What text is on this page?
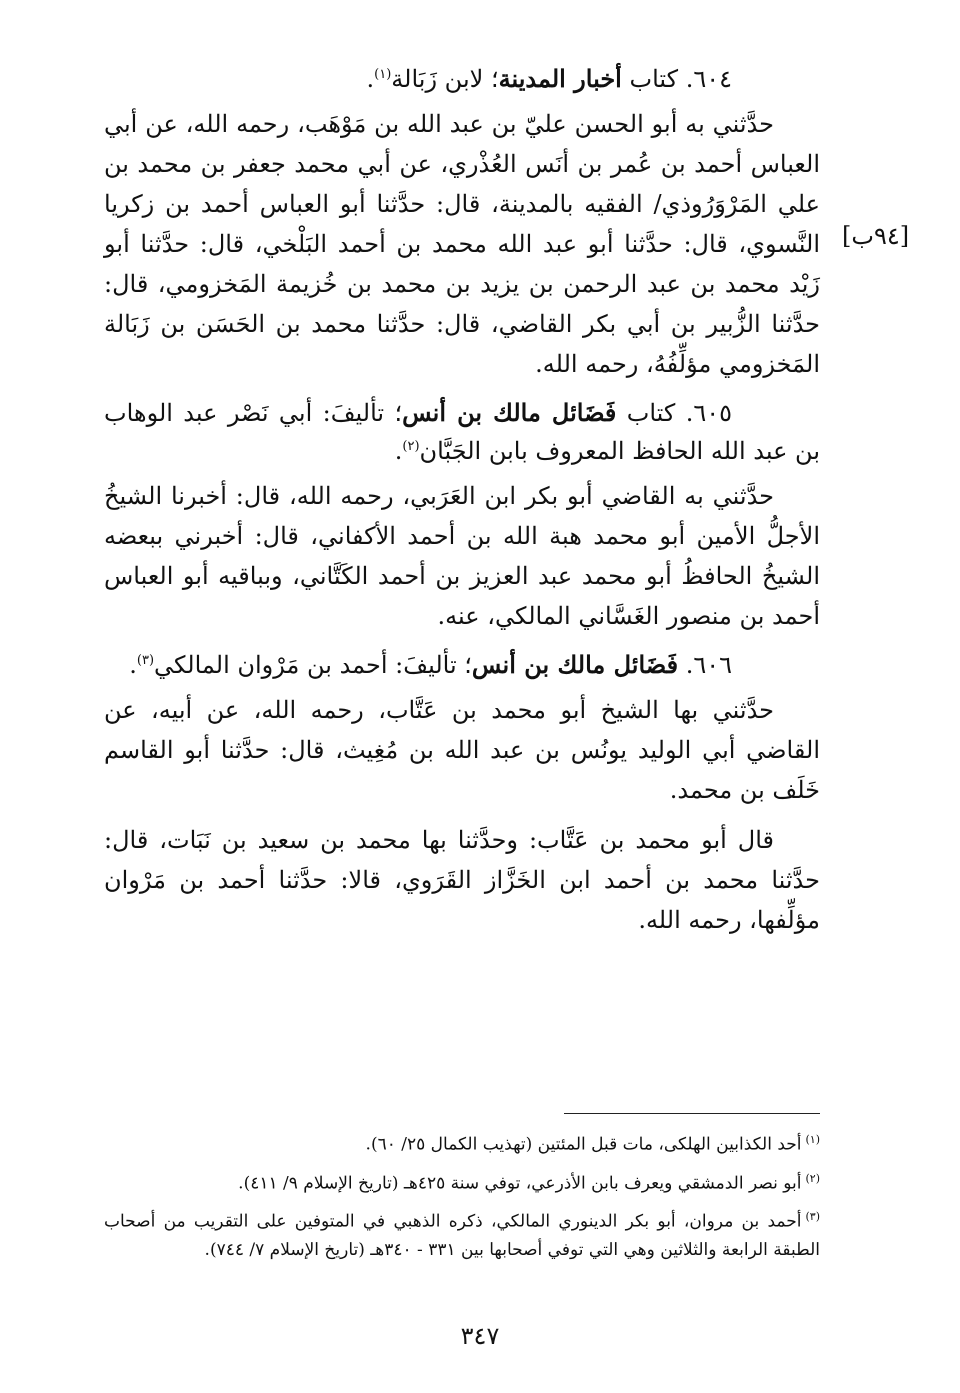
[٩٤ب]

٦٠٤. كتاب أخبار المدينة؛ لابن زَبَالة$^{(١)}$.

حدَّثني به أبو الحسن عليّ بن عبد الله بن مَوْهَب، رحمه الله، عن أبي العباس أحمد بن عُمر بن أنَس العُذْري، عن أبي محمد جعفر بن محمد بن علي المَرْوَرُوذي/ الفقيه بالمدينة، قال: حدَّثنا أبو العباس أحمد بن زكريا النَّسوي، قال: حدَّثنا أبو عبد الله محمد بن أحمد البَلْخي، قال: حدَّثنا أبو زَيْد محمد بن عبد الرحمن بن يزيد بن محمد بن خُزيمة المَخزومي، قال: حدَّثنا الزُّبير بن أبي بكر القاضي، قال: حدَّثنا محمد بن الحَسَن بن زَبَالة المَخزومي مؤلِّفُهُ، رحمه الله.

٦٠٥. كتاب فَضَائل مالك بن أنس؛ تأليفَ: أبي نَصْر عبد الوهاب بن عبد الله الحافظ المعروف بابن الجَبَّان$^{(٢)}$.

حدَّثني به القاضي أبو بكر ابن العَرَبي، رحمه الله، قال: أخبرنا الشيخُ الأجلُّ الأمين أبو محمد هبة الله بن أحمد الأكفاني، قال: أخبرني ببعضه الشيخُ الحافظُ أبو محمد عبد العزيز بن أحمد الكَتَّاني، وبباقيه أبو العباس أحمد بن منصور الغَسَّاني المالكي، عنه.

٦٠٦. فَضَائل مالك بن أنس؛ تأليفَ: أحمد بن مَرْوان المالكي$^{(٣)}$.

حدَّثني بها الشيخ أبو محمد بن عَتَّاب، رحمه الله، عن أبيه، عن القاضي أبي الوليد يونُس بن عبد الله بن مُغِيث، قال: حدَّثنا أبو القاسم خَلَف بن محمد.

قال أبو محمد بن عَتَّاب: وحدَّثنا بها محمد بن سعيد بن نَبَات، قال: حدَّثنا محمد بن أحمد ابن الخَزَّاز القَرَوي، قالا: حدَّثنا أحمد بن مَرْوان مؤلِّفها، رحمه الله.

$^{(١)}$أحد الكذابين الهلكى، مات قبل المئتين (تهذيب الكمال ٢٥/ ٦٠).

$^{(٢)}$أبو نصر الدمشقي ويعرف بابن الأذرعي، توفي سنة ٤٢٥هـ (تاريخ الإسلام ٩/ ٤١١).

$^{(٣)}$أحمد بن مروان، أبو بكر الدينوري المالكي، ذكره الذهبي في المتوفين على التقريب من أصحاب الطبقة الرابعة والثلاثين وهي التي توفي أصحابها بين ٣٣١ - ٣٤٠هـ (تاريخ الإسلام ٧/ ٧٤٤).

٣٤٧
